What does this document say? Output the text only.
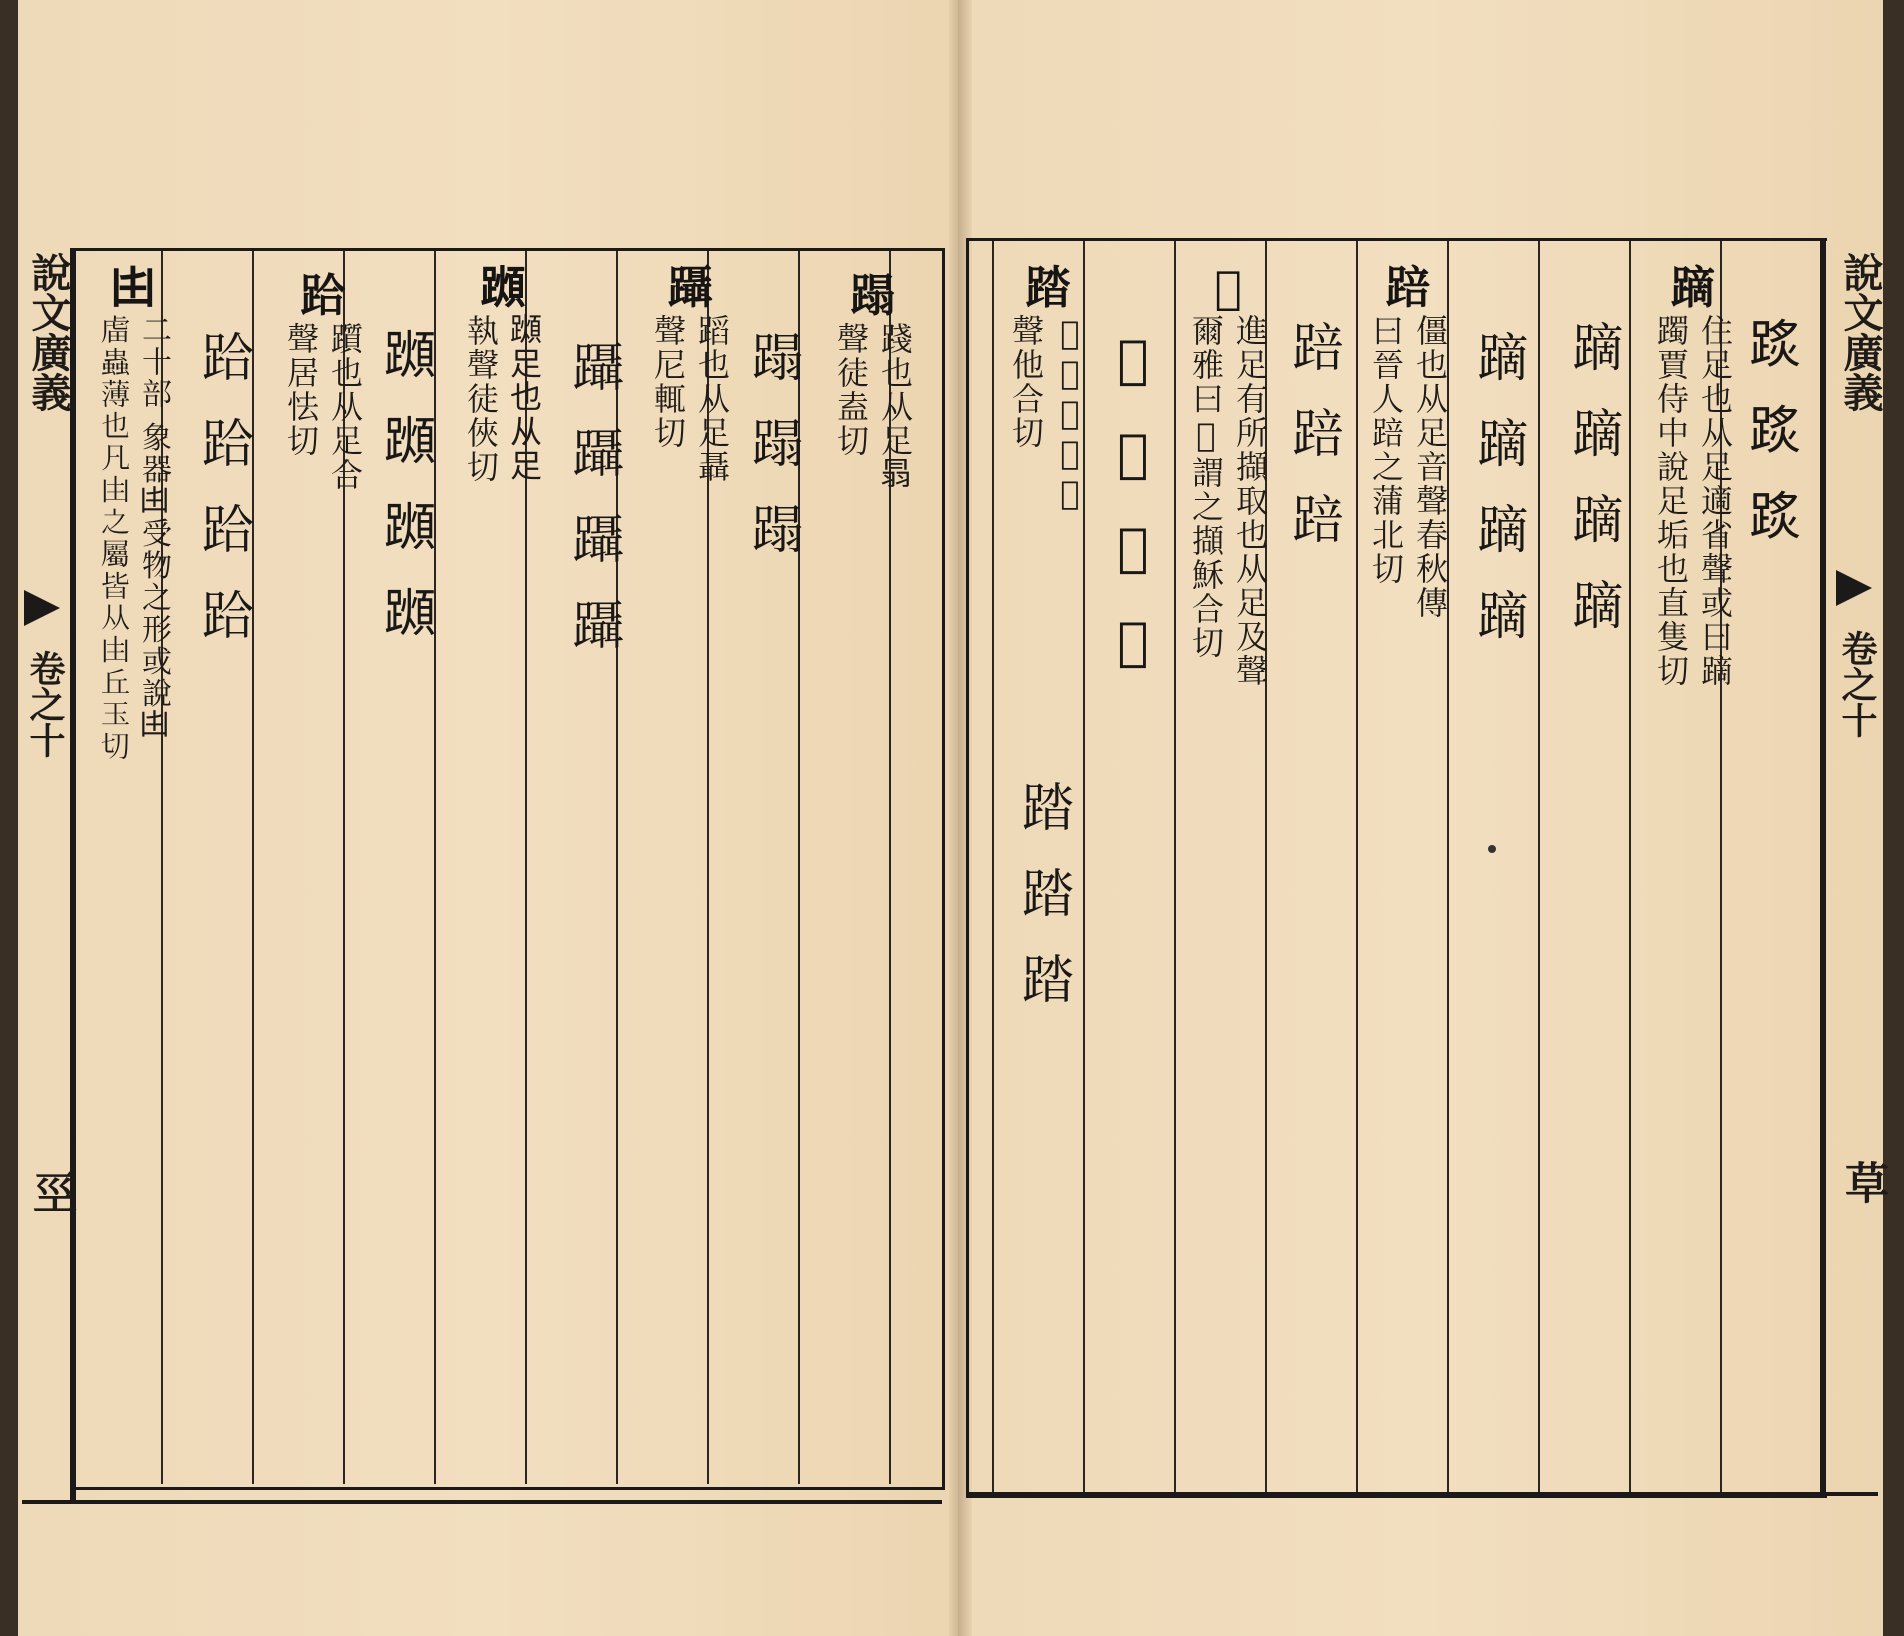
說文廣義
卷之十
巠
蹋
踐也从足𦐇
聲徒盍切
蹋蹋蹋
躡
蹈也从足聶
聲尼輒切
躡躡躡躡
𨆌
𨆌足也从足
執聲徒俠切
𨆌𨆌𨆌𨆌
跲
躓也从足合
聲居怯切
跲跲跲跲
𠙹
二十部 象器𠙹受物之形或說𠙹
𧆨蟲薄也凡𠙹之屬皆从𠙹丘玉切	說文廣義
卷之十
草
𨂂𨂂𨂂
蹢
住足也从足適省聲或曰蹢
躅賈侍中說足垢也直隻切
蹢蹢蹢蹢
蹢蹢蹢蹢
踣
僵也从足音聲春秋傳
曰晉人踣之蒲北切
踣踣踣
𨃹
進足有所擷取也从足及聲
爾雅曰𨃹謂之擷穌合切
𨃹𨃹𨃹𨃹
踏
𨃹也从足荅
聲他合切
踏踏踏
